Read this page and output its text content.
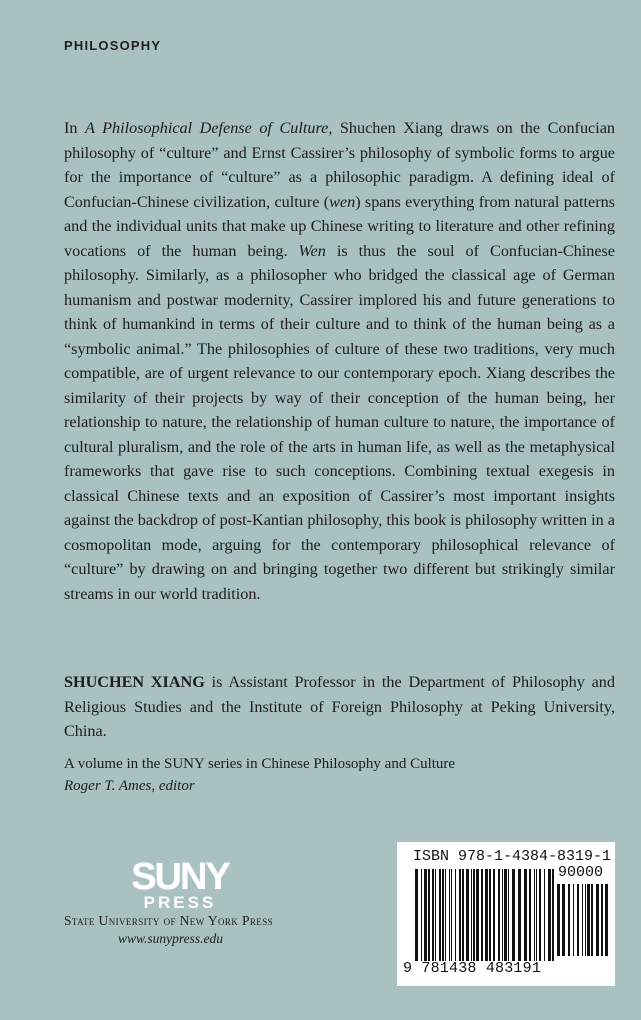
PHILOSOPHY

In A Philosophical Defense of Culture, Shuchen Xiang draws on the Confucian philosophy of “culture” and Ernst Cassirer’s philosophy of symbolic forms to argue for the importance of “culture” as a philosophic paradigm. A defining ideal of Confucian-Chinese civilization, culture (wen) spans everything from natural patterns and the individual units that make up Chinese writing to literature and other refining vocations of the human being. Wen is thus the soul of Confucian-Chinese philosophy. Similarly, as a philosopher who bridged the classical age of German humanism and postwar modernity, Cassirer implored his and future generations to think of humankind in terms of their culture and to think of the human being as a “symbolic animal.” The philosophies of culture of these two traditions, very much compatible, are of urgent relevance to our contemporary epoch. Xiang describes the similarity of their projects by way of their conception of the human being, her relationship to nature, the relationship of human culture to nature, the importance of cultural pluralism, and the role of the arts in human life, as well as the metaphysical frameworks that gave rise to such conceptions. Combining textual exegesis in classical Chinese texts and an exposition of Cassirer’s most important insights against the backdrop of post-Kantian philosophy, this book is philosophy written in a cosmopolitan mode, arguing for the contemporary philosophical relevance of “culture” by drawing on and bringing together two different but strikingly similar streams in our world tradition.

SHUCHEN XIANG is Assistant Professor in the Department of Philosophy and Religious Studies and the Institute of Foreign Philosophy at Peking University, China.

A volume in the SUNY series in Chinese Philosophy and Culture
Roger T. Ames, editor
SUNY
PRESS
State University of New York Press
www.sunypress.edu
ISBN 978-1-4384-8319-1
90000
9 781438 483191
